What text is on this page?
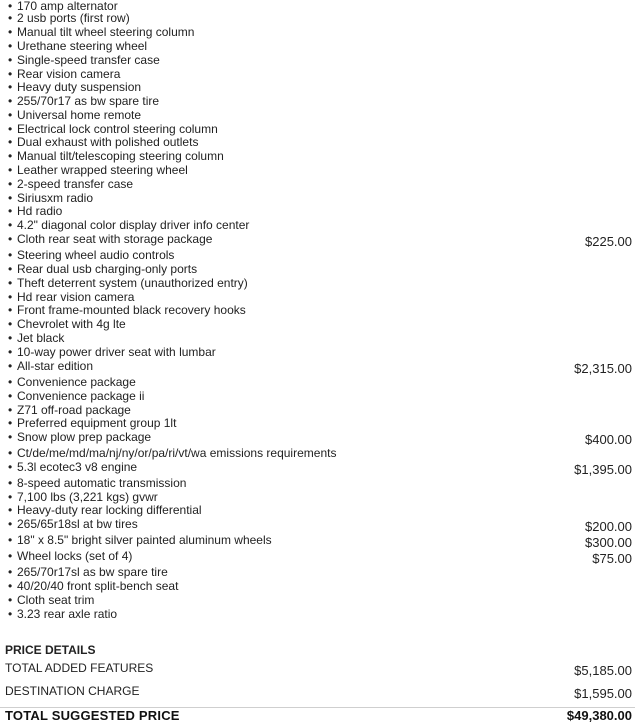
• 170 amp alternator
• 2 usb ports (first row)
• Manual tilt wheel steering column
• Urethane steering wheel
• Single-speed transfer case
• Rear vision camera
• Heavy duty suspension
• 255/70r17 as bw spare tire
• Universal home remote
• Electrical lock control steering column
• Dual exhaust with polished outlets
• Manual tilt/telescoping steering column
• Leather wrapped steering wheel
• 2-speed transfer case
• Siriusxm radio
• Hd radio
• 4.2" diagonal color display driver info center
• Cloth rear seat with storage package	$225.00
• Steering wheel audio controls
• Rear dual usb charging-only ports
• Theft deterrent system (unauthorized entry)
• Hd rear vision camera
• Front frame-mounted black recovery hooks
• Chevrolet with 4g lte
• Jet black
• 10-way power driver seat with lumbar
• All-star edition	$2,315.00
• Convenience package
• Convenience package ii
• Z71 off-road package
• Preferred equipment group 1lt
• Snow plow prep package	$400.00
• Ct/de/me/md/ma/nj/ny/or/pa/ri/vt/wa emissions requirements
• 5.3l ecotec3 v8 engine	$1,395.00
• 8-speed automatic transmission
• 7,100 lbs (3,221 kgs) gvwr
• Heavy-duty rear locking differential
• 265/65r18sl at bw tires	$200.00
• 18" x 8.5" bright silver painted aluminum wheels	$300.00
• Wheel locks (set of 4)	$75.00
• 265/70r17sl as bw spare tire
• 40/20/40 front split-bench seat
• Cloth seat trim
• 3.23 rear axle ratio
PRICE DETAILS
TOTAL ADDED FEATURES	$5,185.00
DESTINATION CHARGE	$1,595.00
TOTAL SUGGESTED PRICE	$49,380.00
